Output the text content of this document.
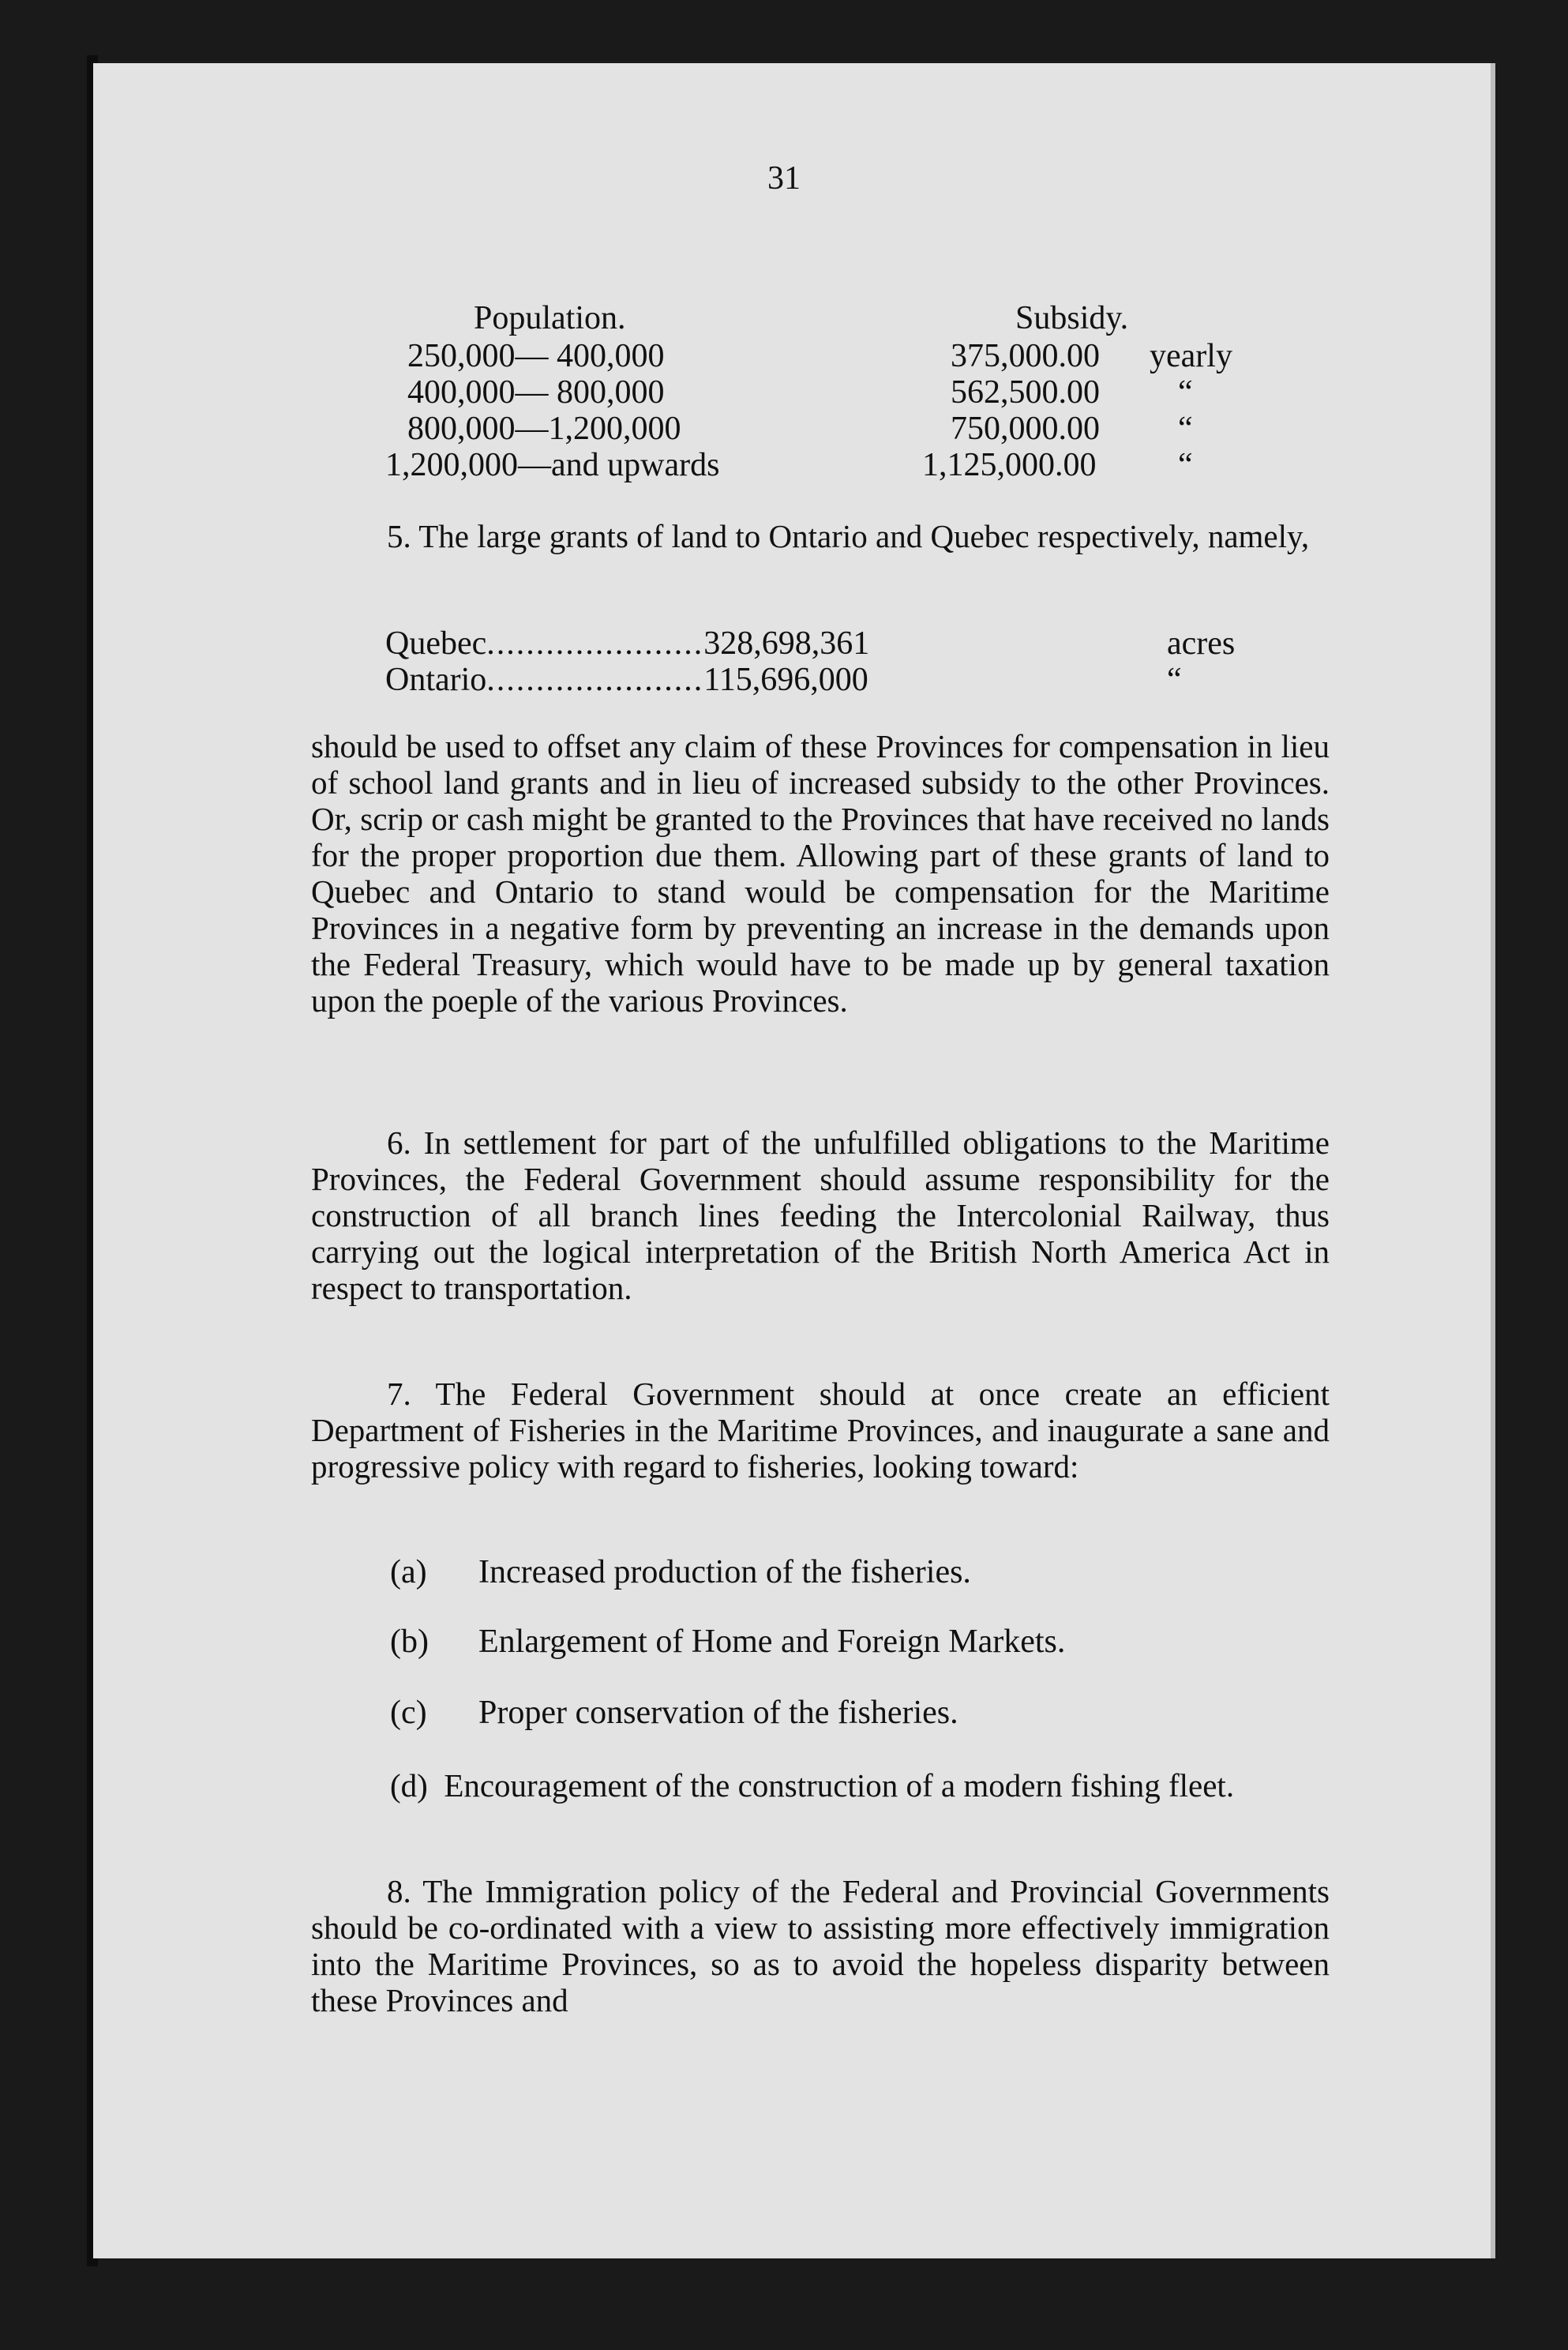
31
Population.	Subsidy.
250,000— 400,000	375,000.00 yearly
400,000— 800,000	562,500.00 “
800,000—1,200,000	750,000.00 “
1,200,000—and upwards	1,125,000.00 “
5. The large grants of land to Ontario and Quebec respectively, namely,
Quebec......................328,698,361	acres
Ontario......................115,696,000	“
should be used to offset any claim of these Provinces for compensation in lieu of school land grants and in lieu of increased subsidy to the other Provinces. Or, scrip or cash might be granted to the Provinces that have received no lands for the proper proportion due them. Allowing part of these grants of land to Quebec and Ontario to stand would be compensation for the Maritime Provinces in a negative form by preventing an increase in the demands upon the Federal Treasury, which would have to be made up by general taxation upon the poeple of the various Provinces.
6. In settlement for part of the unfulfilled obligations to the Maritime Provinces, the Federal Government should assume responsibility for the construction of all branch lines feeding the Intercolonial Railway, thus carrying out the logical interpretation of the British North America Act in respect to transportation.
7. The Federal Government should at once create an efficient Department of Fisheries in the Maritime Provinces, and inaugurate a sane and progressive policy with regard to fisheries, looking toward:
(a) Increased production of the fisheries.
(b) Enlargement of Home and Foreign Markets.
(c) Proper conservation of the fisheries.
(d) Encouragement of the construction of a modern fishing fleet.
8. The Immigration policy of the Federal and Provincial Governments should be co-ordinated with a view to assisting more effectively immigration into the Maritime Provinces, so as to avoid the hopeless disparity between these Provinces and
